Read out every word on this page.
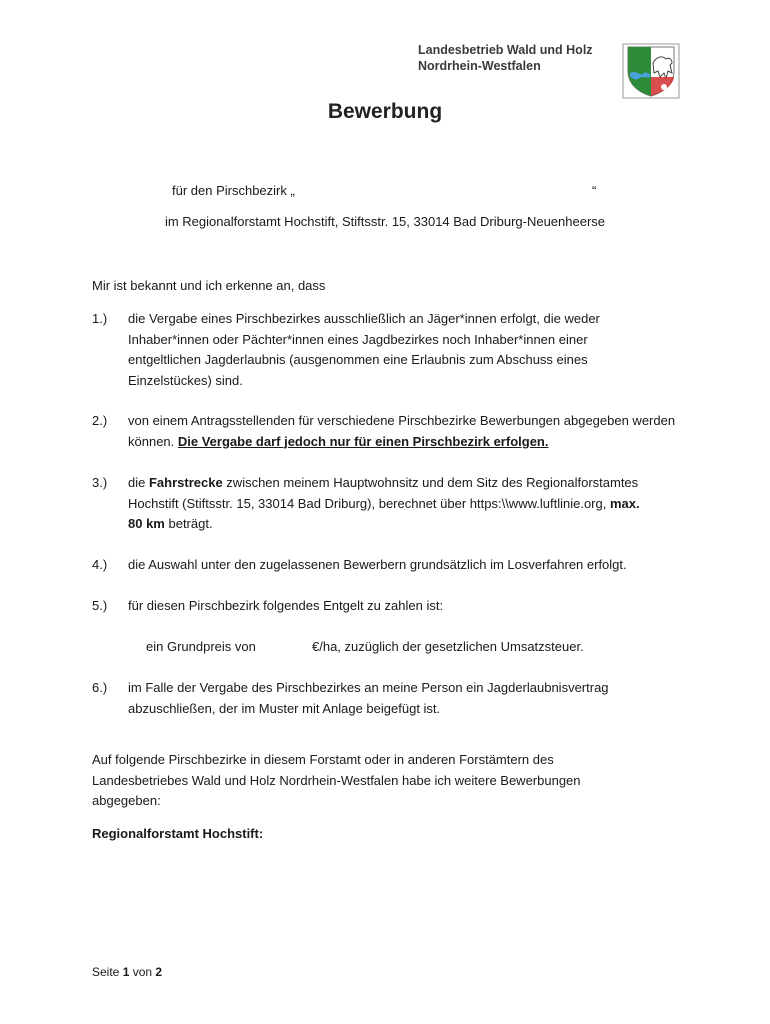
Landesbetrieb Wald und Holz
Nordrhein-Westfalen
Bewerbung
für den Pirschbezirk „	“
im Regionalforstamt Hochstift, Stiftsstr. 15, 33014 Bad Driburg-Neuenheerse
Mir ist bekannt und ich erkenne an, dass
1.) die Vergabe eines Pirschbezirkes ausschließlich an Jäger*innen erfolgt, die weder Inhaber*innen oder Pächter*innen eines Jagdbezirkes noch Inhaber*innen einer entgeltlichen Jagderlaubnis (ausgenommen eine Erlaubnis zum Abschuss eines Einzelstückes) sind.
2.) von einem Antragsstellenden für verschiedene Pirschbezirke Bewerbungen abgegeben werden können. Die Vergabe darf jedoch nur für einen Pirschbezirk erfolgen.
3.) die Fahrstrecke zwischen meinem Hauptwohnsitz und dem Sitz des Regionalforstamtes Hochstift (Stiftsstr. 15, 33014 Bad Driburg), berechnet über https:\\www.luftlinie.org, max. 80 km beträgt.
4.) die Auswahl unter den zugelassenen Bewerbern grundsätzlich im Losverfahren erfolgt.
5.) für diesen Pirschbezirk folgendes Entgelt zu zahlen ist:
ein Grundpreis von	€/ha, zuzüglich der gesetzlichen Umsatzsteuer.
6.) im Falle der Vergabe des Pirschbezirkes an meine Person ein Jagderlaubnisvertrag abzuschließen, der im Muster mit Anlage beigefügt ist.
Auf folgende Pirschbezirke in diesem Forstamt oder in anderen Forstämtern des Landesbetriebes Wald und Holz Nordrhein-Westfalen habe ich weitere Bewerbungen abgegeben:
Regionalforstamt Hochstift:
Seite 1 von 2
